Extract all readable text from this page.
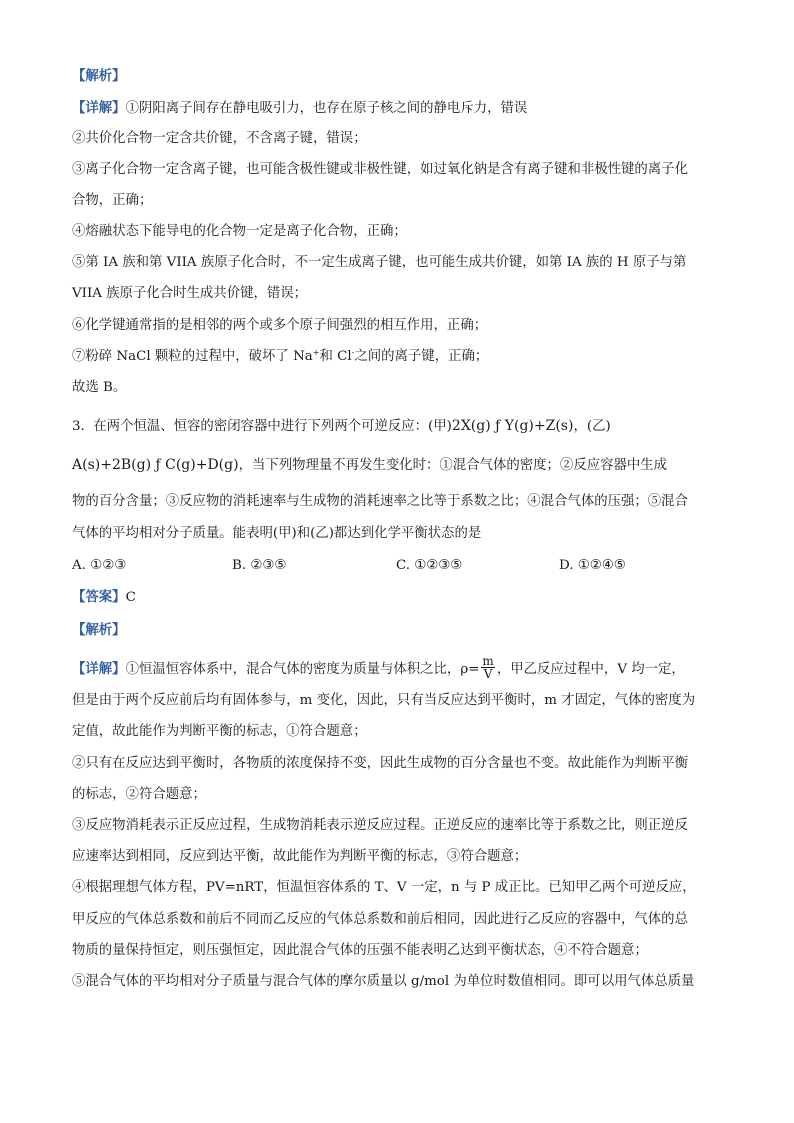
【解析】
【详解】①阴阳离子间存在静电吸引力，也存在原子核之间的静电斥力，错误
②共价化合物一定含共价键，不含离子键，错误；
③离子化合物一定含离子键，也可能含极性键或非极性键，如过氧化钠是含有离子键和非极性键的离子化
合物，正确；
④熔融状态下能导电的化合物一定是离子化合物，正确；
⑤第 IA 族和第 VIIA 族原子化合时，不一定生成离子键，也可能生成共价键，如第 IA 族的 H 原子与第
VIIA 族原子化合时生成共价键，错误；
⑥化学键通常指的是相邻的两个或多个原子间强烈的相互作用，正确；
⑦粉碎 NaCl 颗粒的过程中，破坏了 Na+和 Cl-之间的离子键，正确；
故选 B。
3. 在两个恒温、恒容的密闭容器中进行下列两个可逆反应：(甲)2X(g) ƒ Y(g)+Z(s)，(乙)
A(s)+2B(g) ƒ C(g)+D(g)，当下列物理量不再发生变化时：①混合气体的密度；②反应容器中生成
物的百分含量；③反应物的消耗速率与生成物的消耗速率之比等于系数之比；④混合气体的压强；⑤混合
气体的平均相对分子质量。能表明(甲)和(乙)都达到化学平衡状态的是
A. ①②③	B. ②③⑤	C. ①②③⑤	D. ①②④⑤
【答案】C
【解析】
【详解】①恒温恒容体系中，混合气体的密度为质量与体积之比，$\rho= \frac{m}{V}$ ，甲乙反应过程中，V 均一定，
但是由于两个反应前后均有固体参与，m 变化，因此，只有当反应达到平衡时，m 才固定，气体的密度为
定值，故此能作为判断平衡的标志，①符合题意；
②只有在反应达到平衡时，各物质的浓度保持不变，因此生成物的百分含量也不变。故此能作为判断平衡
的标志，②符合题意；
③反应物消耗表示正反应过程，生成物消耗表示逆反应过程。正逆反应的速率比等于系数之比，则正逆反
应速率达到相同，反应到达平衡，故此能作为判断平衡的标志，③符合题意；
④根据理想气体方程，PV=nRT，恒温恒容体系的 T、V 一定，n 与 P 成正比。已知甲乙两个可逆反应，
甲反应的气体总系数和前后不同而乙反应的气体总系数和前后相同，因此进行乙反应的容器中，气体的总
物质的量保持恒定，则压强恒定，因此混合气体的压强不能表明乙达到平衡状态，④不符合题意；
⑤混合气体的平均相对分子质量与混合气体的摩尔质量以 g/mol 为单位时数值相同。即可以用气体总质量
